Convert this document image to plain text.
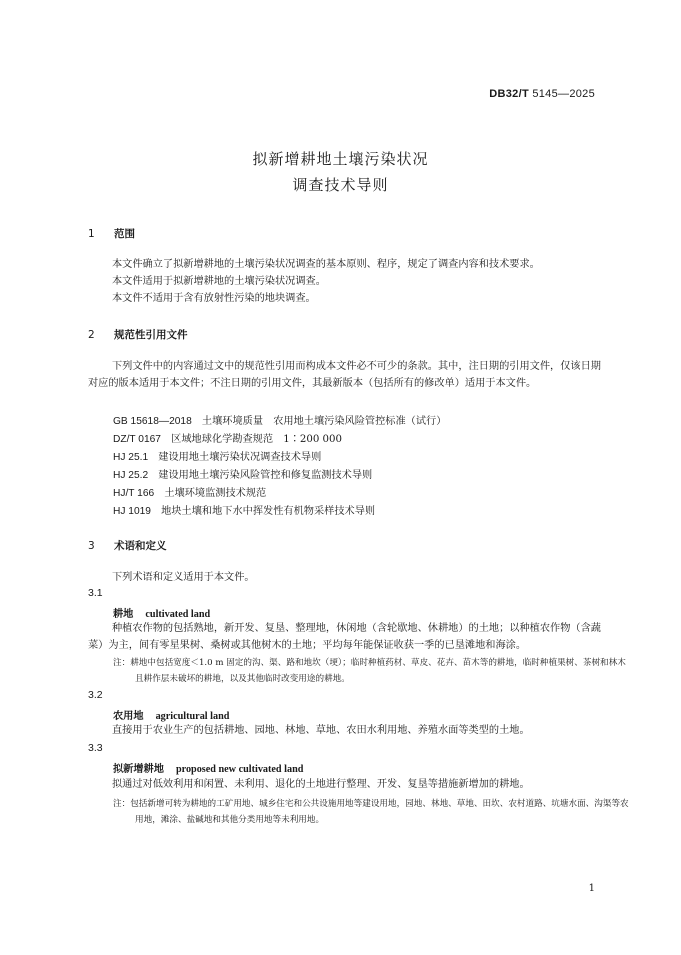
DB32/T 5145—2025
拟新增耕地土壤污染状况
调查技术导则
1 范围
本文件确立了拟新增耕地的土壤污染状况调查的基本原则、程序，规定了调查内容和技术要求。
本文件适用于拟新增耕地的土壤污染状况调查。
本文件不适用于含有放射性污染的地块调查。
2 规范性引用文件
下列文件中的内容通过文中的规范性引用而构成本文件必不可少的条款。其中，注日期的引用文件，仅该日期对应的版本适用于本文件；不注日期的引用文件，其最新版本（包括所有的修改单）适用于本文件。
GB 15618—2018　 土壤环境质量　农用地土壤污染风险管控标准（试行）
DZ/T 0167　 区域地球化学勘查规范　1∶200 000
HJ 25.1　 建设用地土壤污染状况调查技术导则
HJ 25.2　 建设用地土壤污染风险管控和修复监测技术导则
HJ/T 166　 土壤环境监测技术规范
HJ 1019　 地块土壤和地下水中挥发性有机物采样技术导则
3 术语和定义
下列术语和定义适用于本文件。
3.1
耕地 cultivated land
种植农作物的包括熟地，新开发、复垦、整理地，休闲地（含轮歇地、休耕地）的土地；以种植农作物（含蔬菜）为主，间有零星果树、桑树或其他树木的土地；平均每年能保证收获一季的已垦滩地和海涂。
注：耕地中包括宽度＜1.0 m 固定的沟、渠、路和地坎（埂）；临时种植药材、草皮、花卉、苗木等的耕地，临时种植果树、茶树和林木且耕作层未破坏的耕地，以及其他临时改变用途的耕地。
3.2
农用地 agricultural land
直接用于农业生产的包括耕地、园地、林地、草地、农田水利用地、养殖水面等类型的土地。
3.3
拟新增耕地 proposed new cultivated land
拟通过对低效利用和闲置、未利用、退化的土地进行整理、开发、复垦等措施新增加的耕地。
注：包括新增可转为耕地的工矿用地、城乡住宅和公共设施用地等建设用地，园地、林地、草地、田坎、农村道路、坑塘水面、沟渠等农用地，滩涂、盐碱地和其他分类用地等未利用地。
1
